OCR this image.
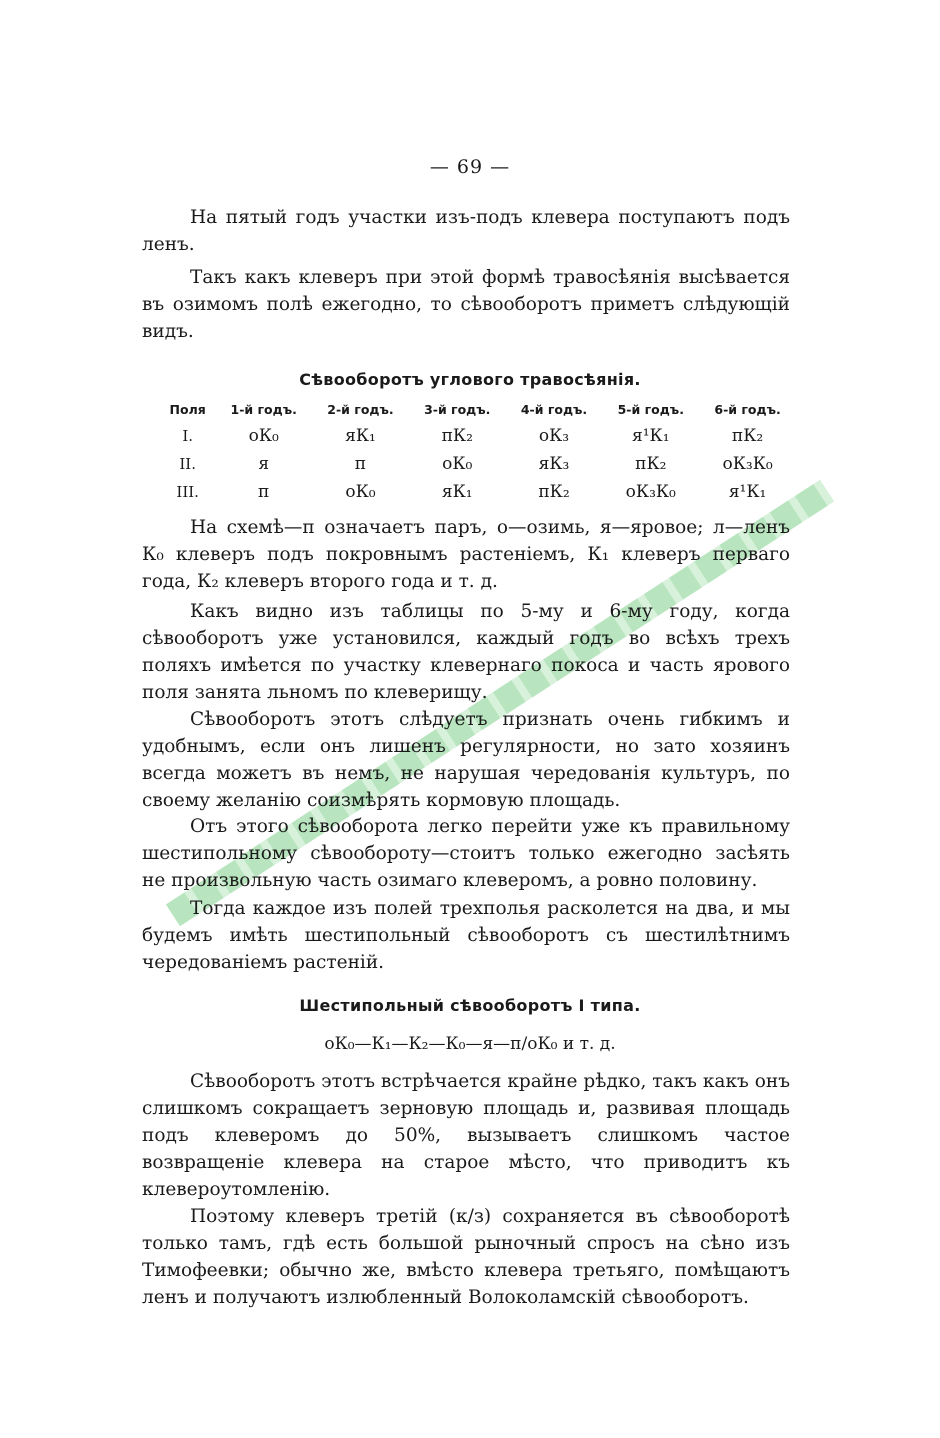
— 69 —

На пятый годъ участки изъ-подъ клевера поступаютъ подъ ленъ.

Такъ какъ клеверъ при этой формѣ травосѣянія высѣвается въ озимомъ полѣ ежегодно, то сѣвооборотъ приметъ слѣдующій видъ.

Сѣвооборотъ углового травосѣянія.
Поля	1-й годъ.	2-й годъ.	3-й годъ.	4-й годъ.	5-й годъ.	6-й годъ.
I.	оК₀	яК₁	пК₂	оК₃	я¹К₁	пК₂
II.	я	п	оК₀	яК₃	пК₂	оК₃К₀
III.	п	оК₀	яК₁	пК₂	оК₃К₀	я¹К₁

На схемѣ—п означаетъ паръ, о—озимь, я—яровое; л—ленъ К₀ клеверъ подъ покровнымъ растеніемъ, К₁ клеверъ перваго года, К₂ клеверъ второго года и т. д.

Какъ видно изъ таблицы по 5-му и 6-му году, когда сѣвооборотъ уже установился, каждый годъ во всѣхъ трехъ поляхъ имѣется по участку клевернаго покоса и часть ярового поля занята льномъ по клеверищу.

Сѣвооборотъ этотъ слѣдуетъ признать очень гибкимъ и удобнымъ, если онъ лишенъ регулярности, но зато хозяинъ всегда можетъ въ немъ, не нарушая чередованія культуръ, по своему желанію соизмѣрять кормовую площадь.

Отъ этого сѣвооборота легко перейти уже къ правильному шестипольному сѣвообороту—стоитъ только ежегодно засѣять не произвольную часть озимаго клеверомъ, а ровно половину.

Тогда каждое изъ полей трехполья расколется на два, и мы будемъ имѣть шестипольный сѣвооборотъ съ шестилѣтнимъ чередованіемъ растеній.

Шестипольный сѣвооборотъ I типа.
оК₀—К₁—К₂—К₀—я—п/оК₀ и т. д.

Сѣвооборотъ этотъ встрѣчается крайне рѣдко, такъ какъ онъ слишкомъ сокращаетъ зерновую площадь и, развивая площадь подъ клеверомъ до 50%, вызываетъ слишкомъ частое возвращеніе клевера на старое мѣсто, что приводитъ къ клевероутомленію.

Поэтому клеверъ третій (к/з) сохраняется въ сѣвооборотѣ только тамъ, гдѣ есть большой рыночный спросъ на сѣно изъ Тимофеевки; обычно же, вмѣсто клевера третьяго, помѣщаютъ ленъ и получаютъ излюбленный Волоколамскій сѣвооборотъ.
